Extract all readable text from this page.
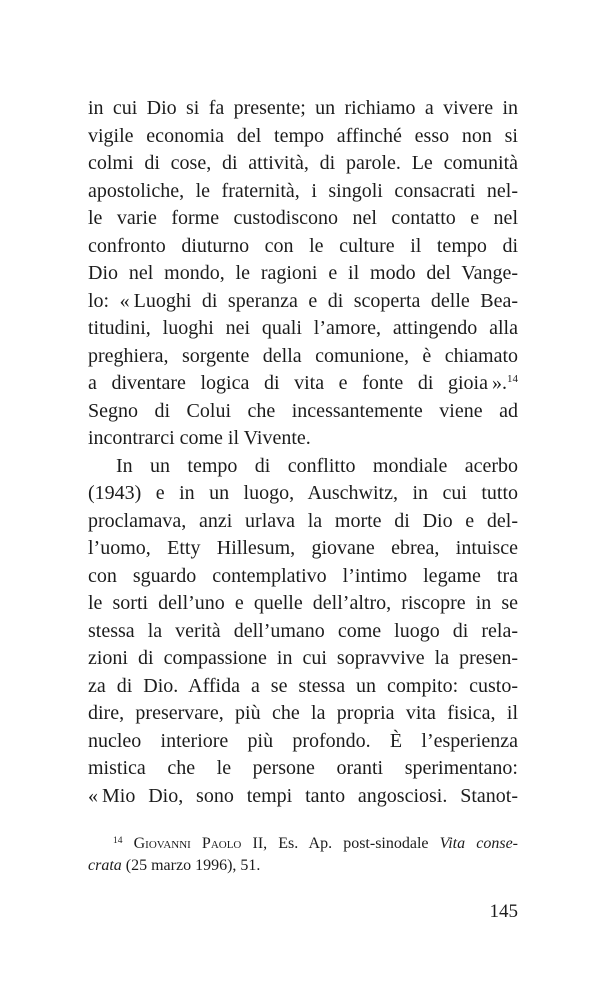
in cui Dio si fa presente; un richiamo a vivere in
vigile economia del tempo affinché esso non si
colmi di cose, di attività, di parole. Le comunità
apostoliche, le fraternità, i singoli consacrati nel-
le varie forme custodiscono nel contatto e nel
confronto diuturno con le culture il tempo di
Dio nel mondo, le ragioni e il modo del Vange-
lo: « Luoghi di speranza e di scoperta delle Bea-
titudini, luoghi nei quali l’amore, attingendo alla
preghiera, sorgente della comunione, è chiamato
a diventare logica di vita e fonte di gioia ».$^{14}$
Segno di Colui che incessantemente viene ad
incontrarci come il Vivente.
In un tempo di conflitto mondiale acerbo
(1943) e in un luogo, Auschwitz, in cui tutto
proclamava, anzi urlava la morte di Dio e del-
l’uomo, Etty Hillesum, giovane ebrea, intuisce
con sguardo contemplativo l’intimo legame tra
le sorti dell’uno e quelle dell’altro, riscopre in se
stessa la verità dell’umano come luogo di rela-
zioni di compassione in cui sopravvive la presen-
za di Dio. Affida a se stessa un compito: custo-
dire, preservare, più che la propria vita fisica, il
nucleo interiore più profondo. È l’esperienza
mistica che le persone oranti sperimentano:
« Mio Dio, sono tempi tanto angosciosi. Stanot-
$^{14}$ Giovanni Paolo II, Es. Ap. post-sinodale Vita conse-
crata (25 marzo 1996), 51.
145
